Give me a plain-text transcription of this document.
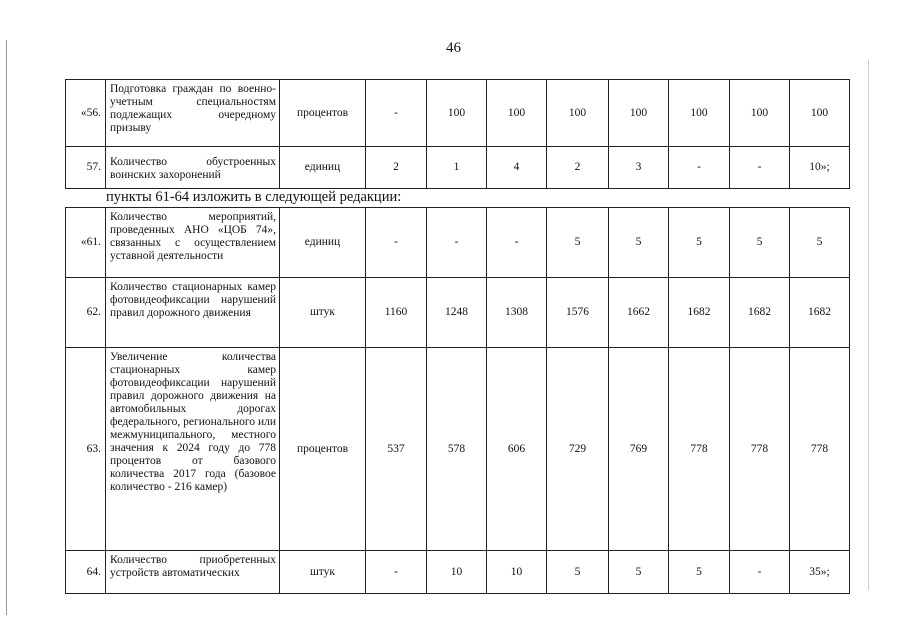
46
«56.	Подготовка граждан по военно-учетным специальностям подлежащих очередному призыву	процентов	-	100	100	100	100	100	100	100
57.	Количество обустроенных воинских захоронений	единиц	2	1	4	2	3	-	-	10»;
пункты 61-64 изложить в следующей редакции:
«61.	Количество мероприятий, проведенных АНО «ЦОБ 74», связанных с осуществлением уставной деятельности	единиц	-	-	-	5	5	5	5	5
62.	Количество стационарных камер фотовидеофиксации нарушений правил дорожного движения	штук	1160	1248	1308	1576	1662	1682	1682	1682
63.	Увеличение количества стационарных камер фотовидеофиксации нарушений правил дорожного движения на автомобильных дорогах федерального, регионального или межмуниципального, местного значения к 2024 году до 778 процентов от базового количества 2017 года (базовое количество - 216 камер)	процентов	537	578	606	729	769	778	778	778
64.	Количество приобретенных устройств автоматических	штук	-	10	10	5	5	5	-	35»;
